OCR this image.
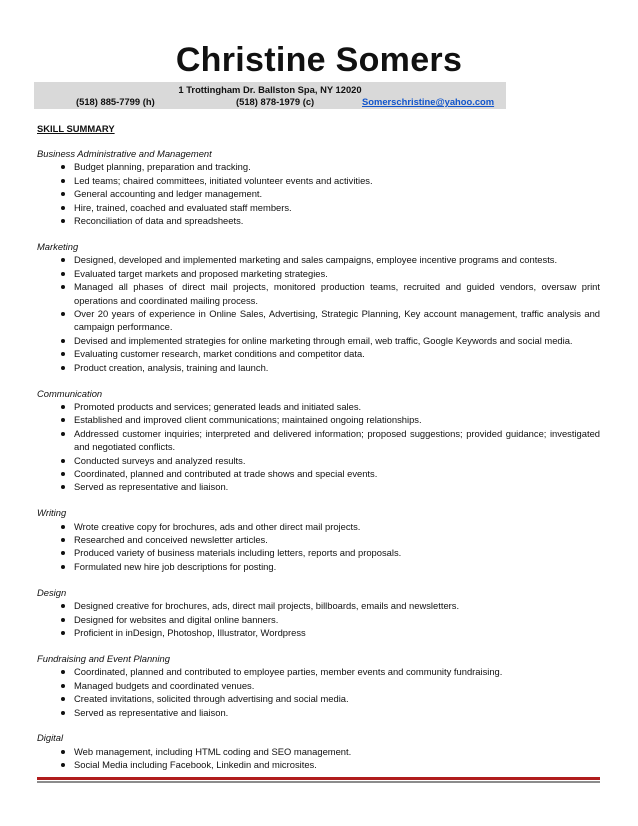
Christine Somers
1 Trottingham Dr. Ballston Spa, NY 12020
(518) 885-7799 (h)	(518) 878-1979 (c)	Somerschristine@yahoo.com
SKILL SUMMARY
Business Administrative and Management
Budget planning, preparation and tracking.
Led teams; chaired committees, initiated volunteer events and activities.
General accounting and ledger management.
Hire, trained, coached and evaluated staff members.
Reconciliation of data and spreadsheets.
Marketing
Designed, developed and implemented marketing and sales campaigns, employee incentive programs and contests.
Evaluated target markets and proposed marketing strategies.
Managed all phases of direct mail projects, monitored production teams, recruited and guided vendors, oversaw print operations and coordinated mailing process.
Over 20 years of experience in Online Sales, Advertising, Strategic Planning, Key account management, traffic analysis and campaign performance.
Devised and implemented strategies for online marketing through email, web traffic, Google Keywords and social media.
Evaluating customer research, market conditions and competitor data.
Product creation, analysis, training and launch.
Communication
Promoted products and services; generated leads and initiated sales.
Established and improved client communications; maintained ongoing relationships.
Addressed customer inquiries; interpreted and delivered information; proposed suggestions; provided guidance; investigated and negotiated conflicts.
Conducted surveys and analyzed results.
Coordinated, planned and contributed at trade shows and special events.
Served as representative and liaison.
Writing
Wrote creative copy for brochures, ads and other direct mail projects.
Researched and conceived newsletter articles.
Produced variety of business materials including letters, reports and proposals.
Formulated new hire job descriptions for posting.
Design
Designed creative for brochures, ads, direct mail projects, billboards, emails and newsletters.
Designed for websites and digital online banners.
Proficient in inDesign, Photoshop, Illustrator, Wordpress
Fundraising and Event Planning
Coordinated, planned and contributed to employee parties, member events and community fundraising.
Managed budgets and coordinated venues.
Created invitations, solicited through advertising and social media.
Served as representative and liaison.
Digital
Web management, including HTML coding and SEO management.
Social Media including Facebook, Linkedin and microsites.
